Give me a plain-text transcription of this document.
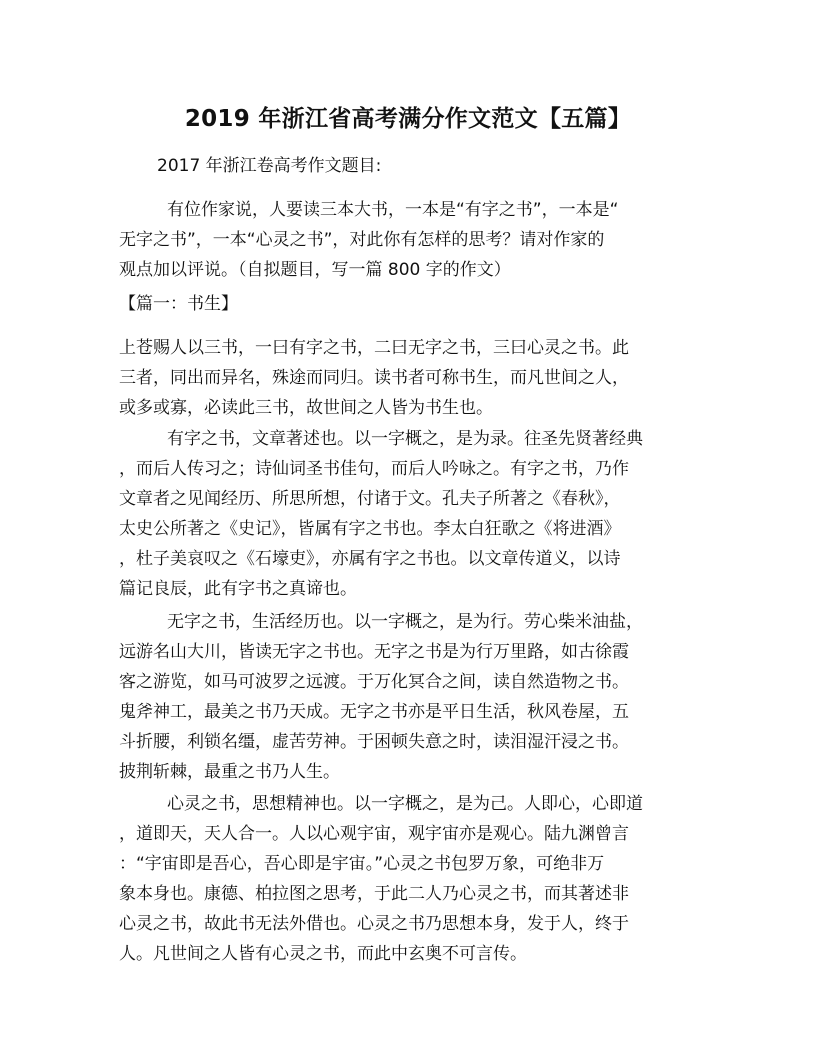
2019 年浙江省高考满分作文范文【五篇】
2017 年浙江卷高考作文题目:
有位作家说，人要读三本大书，一本是“有字之书”，一本是“
无字之书”，一本“心灵之书”，对此你有怎样的思考？请对作家的
观点加以评说。（自拟题目，写一篇 800 字的作文）
【篇一：书生】
上苍赐人以三书，一曰有字之书，二曰无字之书，三曰心灵之书。此
三者，同出而异名，殊途而同归。读书者可称书生，而凡世间之人，
或多或寡，必读此三书，故世间之人皆为书生也。
有字之书，文章著述也。以一字概之，是为录。往圣先贤著经典
，而后人传习之；诗仙词圣书佳句，而后人吟咏之。有字之书，乃作
文章者之见闻经历、所思所想，付诸于文。孔夫子所著之《春秋》，
太史公所著之《史记》，皆属有字之书也。李太白狂歌之《将进酒》
，杜子美哀叹之《石壕吏》，亦属有字之书也。以文章传道义，以诗
篇记良辰，此有字书之真谛也。
无字之书，生活经历也。以一字概之，是为行。劳心柴米油盐，
远游名山大川，皆读无字之书也。无字之书是为行万里路，如古徐霞
客之游览，如马可波罗之远渡。于万化冥合之间，读自然造物之书。
鬼斧神工，最美之书乃天成。无字之书亦是平日生活，秋风卷屋，五
斗折腰，利锁名缰，虚苦劳神。于困顿失意之时，读泪湿汗浸之书。
披荆斩棘，最重之书乃人生。
心灵之书，思想精神也。以一字概之，是为己。人即心，心即道
，道即天，天人合一。人以心观宇宙，观宇宙亦是观心。陆九渊曾言
：“宇宙即是吾心，吾心即是宇宙。”心灵之书包罗万象，可绝非万
象本身也。康德、柏拉图之思考，于此二人乃心灵之书，而其著述非
心灵之书，故此书无法外借也。心灵之书乃思想本身，发于人，终于
人。凡世间之人皆有心灵之书，而此中玄奥不可言传。
